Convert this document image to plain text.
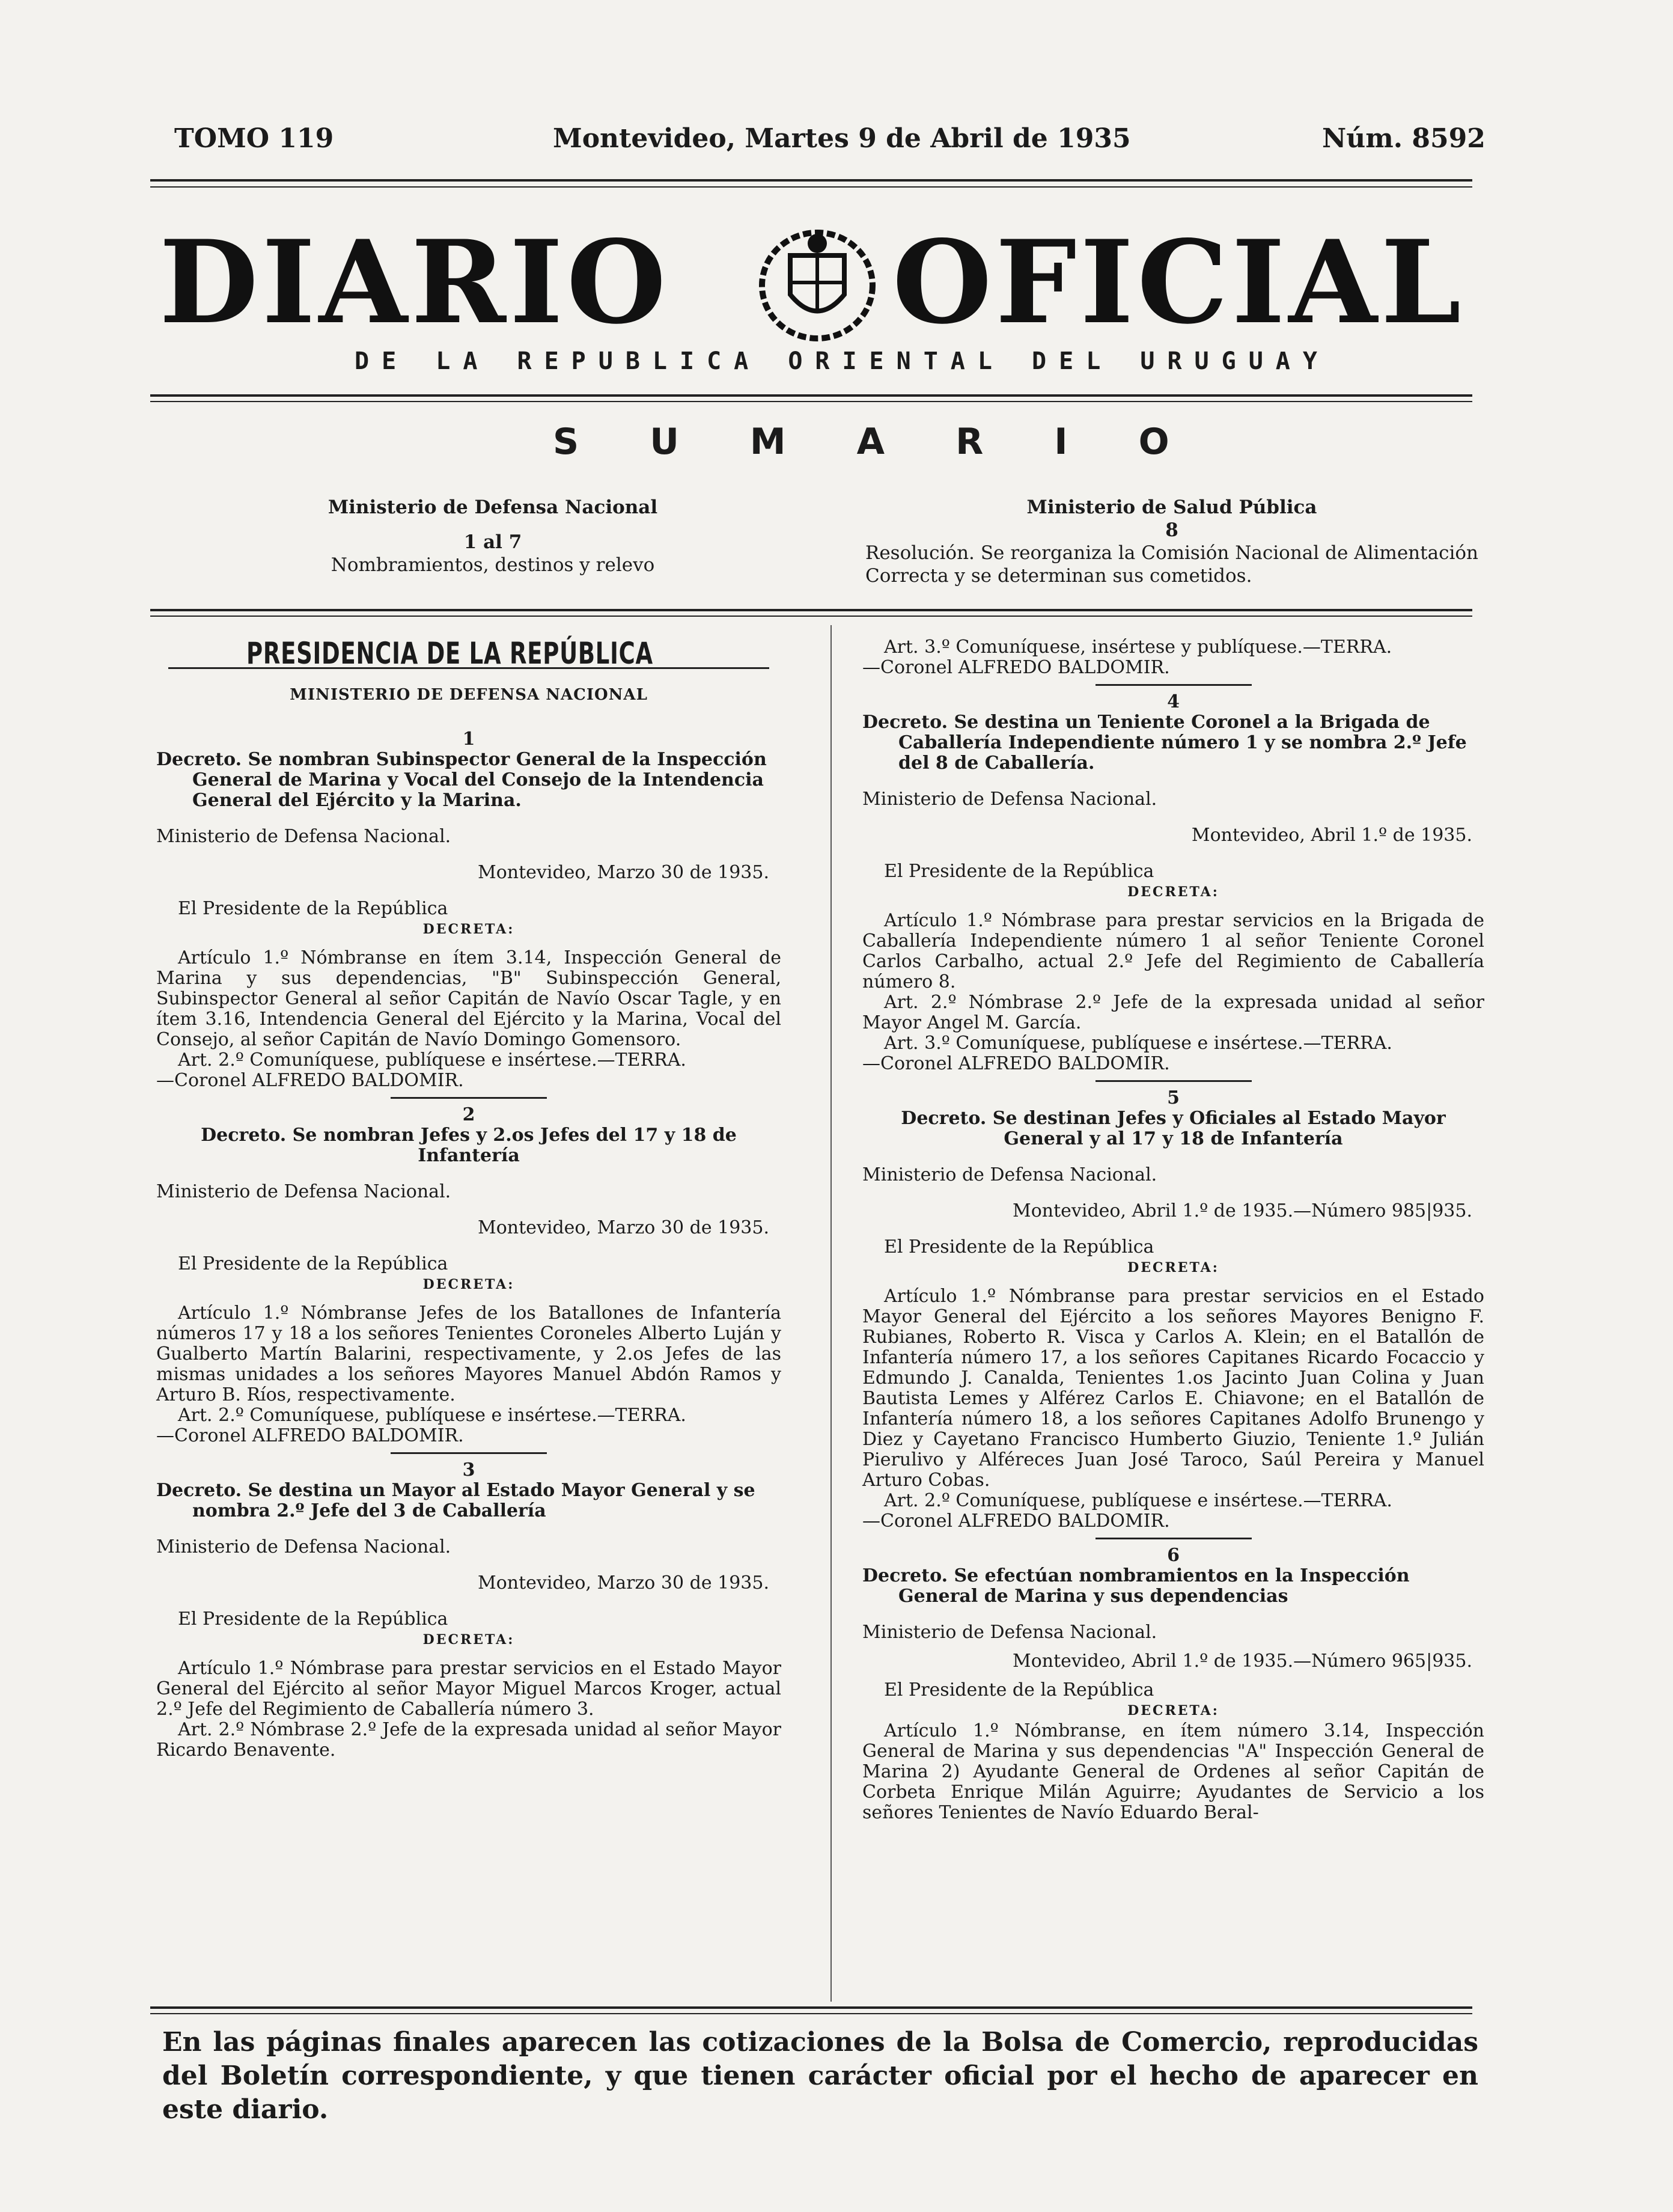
TOMO 119	Montevideo, Martes 9 de Abril de 1935	Núm. 8592
DIARIO OFICIAL
DE LA REPUBLICA ORIENTAL DEL URUGUAY
SUMARIO
Ministerio de Defensa Nacional
1 al 7
Nombramientos, destinos y relevo
Ministerio de Salud Pública
8
Resolución. Se reorganiza la Comisión Nacional de Alimentación Correcta y se determinan sus cometidos.
PRESIDENCIA DE LA REPÚBLICA

MINISTERIO DE DEFENSA NACIONAL

1

Decreto. Se nombran Subinspector General de la Inspección General de Marina y Vocal del Consejo de la Intendencia General del Ejército y la Marina.

Ministerio de Defensa Nacional.

Montevideo, Marzo 30 de 1935.

El Presidente de la República

DECRETA:

Artículo 1.º Nómbranse en ítem 3.14, Inspección General de Marina y sus dependencias, "B" Subinspección General, Subinspector General al señor Capitán de Navío Oscar Tagle, y en ítem 3.16, Intendencia General del Ejército y la Marina, Vocal del Consejo, al señor Capitán de Navío Domingo Gomensoro.

Art. 2.º Comuníquese, publíquese e insértese.—TERRA.

—Coronel ALFREDO BALDOMIR.

2

Decreto. Se nombran Jefes y 2.os Jefes del 17 y 18 de Infantería

Ministerio de Defensa Nacional.

Montevideo, Marzo 30 de 1935.

El Presidente de la República

DECRETA:

Artículo 1.º Nómbranse Jefes de los Batallones de Infantería números 17 y 18 a los señores Tenientes Coroneles Alberto Luján y Gualberto Martín Balarini, respectivamente, y 2.os Jefes de las mismas unidades a los señores Mayores Manuel Abdón Ramos y Arturo B. Ríos, respectivamente.

Art. 2.º Comuníquese, publíquese e insértese.—TERRA.

—Coronel ALFREDO BALDOMIR.

3

Decreto. Se destina un Mayor al Estado Mayor General y se nombra 2.º Jefe del 3 de Caballería

Ministerio de Defensa Nacional.

Montevideo, Marzo 30 de 1935.

El Presidente de la República

DECRETA:

Artículo 1.º Nómbrase para prestar servicios en el Estado Mayor General del Ejército al señor Mayor Miguel Marcos Kroger, actual 2.º Jefe del Regimiento de Caballería número 3.

Art. 2.º Nómbrase 2.º Jefe de la expresada unidad al señor Mayor Ricardo Benavente.

Art. 3.º Comuníquese, insértese y publíquese.—TERRA.

—Coronel ALFREDO BALDOMIR.

4

Decreto. Se destina un Teniente Coronel a la Brigada de Caballería Independiente número 1 y se nombra 2.º Jefe del 8 de Caballería.

Ministerio de Defensa Nacional.

Montevideo, Abril 1.º de 1935.

El Presidente de la República

DECRETA:

Artículo 1.º Nómbrase para prestar servicios en la Brigada de Caballería Independiente número 1 al señor Teniente Coronel Carlos Carbalho, actual 2.º Jefe del Regimiento de Caballería número 8.

Art. 2.º Nómbrase 2.º Jefe de la expresada unidad al señor Mayor Angel M. García.

Art. 3.º Comuníquese, publíquese e insértese.—TERRA.

—Coronel ALFREDO BALDOMIR.

5

Decreto. Se destinan Jefes y Oficiales al Estado Mayor General y al 17 y 18 de Infantería

Ministerio de Defensa Nacional.

Montevideo, Abril 1.º de 1935.—Número 985|935.

El Presidente de la República

DECRETA:

Artículo 1.º Nómbranse para prestar servicios en el Estado Mayor General del Ejército a los señores Mayores Benigno F. Rubianes, Roberto R. Visca y Carlos A. Klein; en el Batallón de Infantería número 17, a los señores Capitanes Ricardo Focaccio y Edmundo J. Canalda, Tenientes 1.os Jacinto Juan Colina y Juan Bautista Lemes y Alférez Carlos E. Chiavone; en el Batallón de Infantería número 18, a los señores Capitanes Adolfo Brunengo y Diez y Cayetano Francisco Humberto Giuzio, Teniente 1.º Julián Pierulivo y Alféreces Juan José Taroco, Saúl Pereira y Manuel Arturo Cobas.

Art. 2.º Comuníquese, publíquese e insértese.—TERRA.

—Coronel ALFREDO BALDOMIR.

6

Decreto. Se efectúan nombramientos en la Inspección General de Marina y sus dependencias

Ministerio de Defensa Nacional.

Montevideo, Abril 1.º de 1935.—Número 965|935.

El Presidente de la República

DECRETA:

Artículo 1.º Nómbranse, en ítem número 3.14, Inspección General de Marina y sus dependencias "A" Inspección General de Marina 2) Ayudante General de Ordenes al señor Capitán de Corbeta Enrique Milán Aguirre; Ayudantes de Servicio a los señores Tenientes de Navío Eduardo Beral-

En las páginas finales aparecen las cotizaciones de la Bolsa de Comercio, reproducidas del Boletín correspondiente, y que tienen carácter oficial por el hecho de aparecer en este diario.
